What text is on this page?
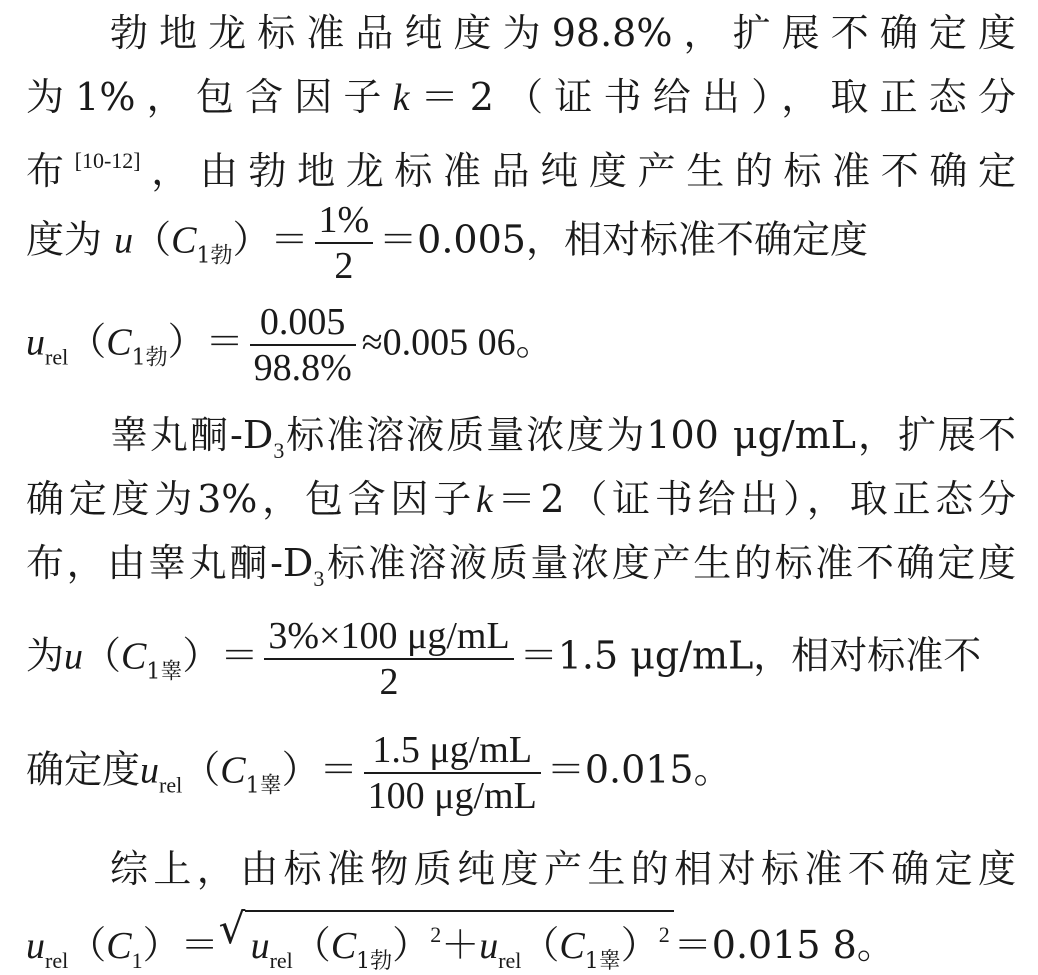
勃地龙标准品纯度为98.8%，扩展不确定度
为1%，包含因子k＝2（证书给出），取正态分
布[10-12]，由勃地龙标准品纯度产生的标准不确定
度为 $u(C_{1勃})= \frac{1\%}{2} =0.005$，相对标准不确定度
$u_{rel}(C_{1勃})= \frac{0.005}{98.8\%} \approx 0.005$ 06。
睾丸酮$-D_3$标准溶液质量浓度为100 μg/mL，扩展不
确定度为3%，包含因子k＝2（证书给出），取正态分
布，由睾丸酮$-D_3$标准溶液质量浓度产生的标准不确定度
为$u(C_{1睾})= \frac{3\%\times 100 \mu g/mL}{2} =1.5$ μg/mL，相对标准不
确定度$u_{rel}(C_{1睾})= \frac{1.5 \mu g/mL}{100 \mu g/mL} =0.015$。
综上，由标准物质纯度产生的相对标准不确定度
$u_{rel}(C_1)=$ √ $u_{rel}(C_{1勃})^2+u_{rel}(C_{1睾})^2 =0.015$ 8。
